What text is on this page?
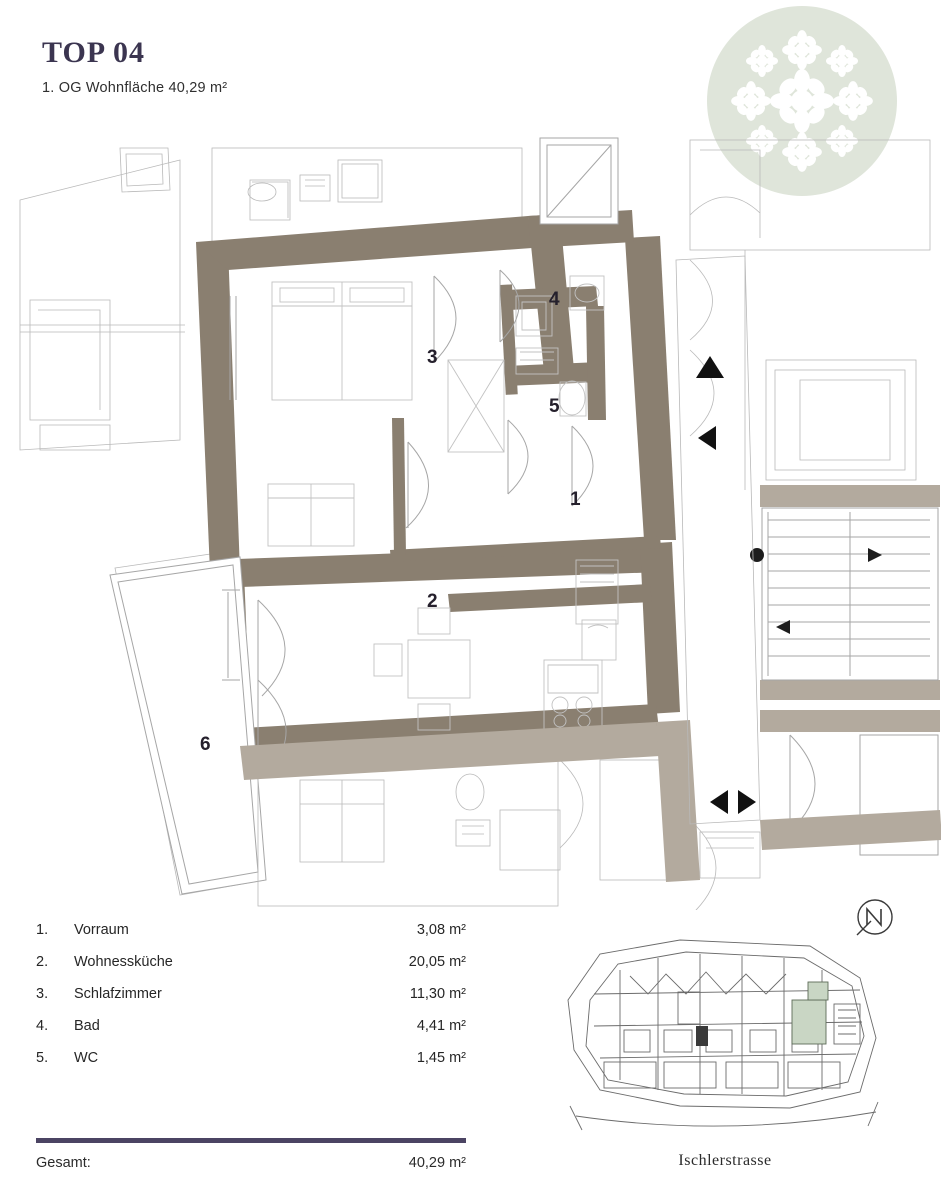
TOP 04
1. OG Wohnfläche 40,29 m²
3
4
5
1
2
6
1.	Vorraum	3,08 m²
2.	Wohnessküche	20,05 m²
3.	Schlafzimmer	11,30 m²
4.	Bad	4,41 m²
5.	WC	1,45 m²
Gesamt:	40,29 m²	Ischlerstrasse
